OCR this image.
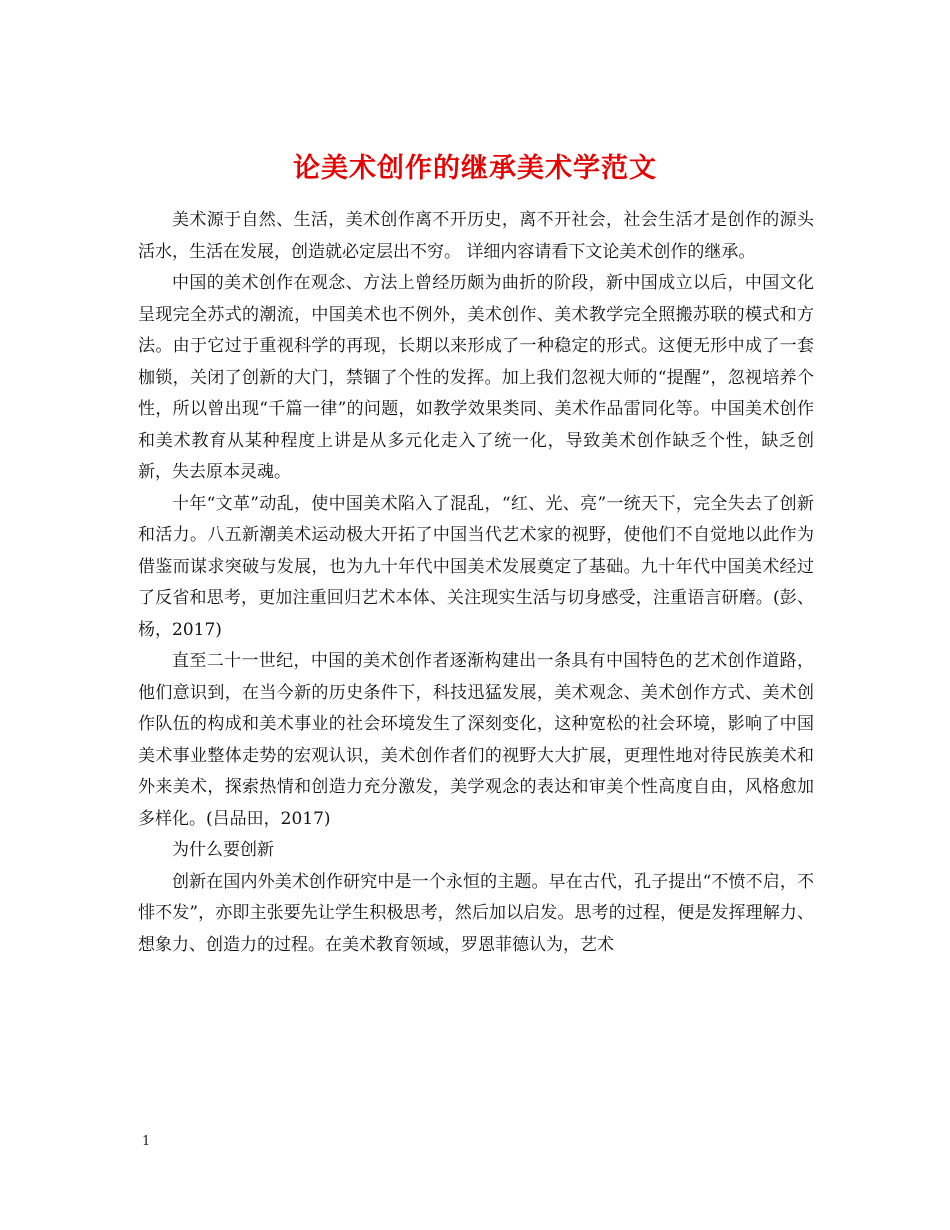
论美术创作的继承美术学范文

美术源于自然、生活，美术创作离不开历史，离不开社会，社会生活才是创作的源头活水，生活在发展，创造就必定层出不穷。 详细内容请看下文论美术创作的继承。

中国的美术创作在观念、方法上曾经历颇为曲折的阶段，新中国成立以后，中国文化呈现完全苏式的潮流，中国美术也不例外，美术创作、美术教学完全照搬苏联的模式和方法。由于它过于重视科学的再现，长期以来形成了一种稳定的形式。这便无形中成了一套枷锁，关闭了创新的大门，禁锢了个性的发挥。加上我们忽视大师的“提醒”，忽视培养个性，所以曾出现“千篇一律”的问题，如教学效果类同、美术作品雷同化等。中国美术创作和美术教育从某种程度上讲是从多元化走入了统一化，导致美术创作缺乏个性，缺乏创新，失去原本灵魂。

十年“文革”动乱，使中国美术陷入了混乱，“红、光、亮”一统天下，完全失去了创新和活力。八五新潮美术运动极大开拓了中国当代艺术家的视野，使他们不自觉地以此作为借鉴而谋求突破与发展，也为九十年代中国美术发展奠定了基础。九十年代中国美术经过了反省和思考，更加注重回归艺术本体、关注现实生活与切身感受，注重语言研磨。(彭、杨，2017)

直至二十一世纪，中国的美术创作者逐渐构建出一条具有中国特色的艺术创作道路，他们意识到，在当今新的历史条件下，科技迅猛发展，美术观念、美术创作方式、美术创作队伍的构成和美术事业的社会环境发生了深刻变化，这种宽松的社会环境，影响了中国美术事业整体走势的宏观认识，美术创作者们的视野大大扩展，更理性地对待民族美术和外来美术，探索热情和创造力充分激发，美学观念的表达和审美个性高度自由，风格愈加多样化。(吕品田，2017)

为什么要创新

创新在国内外美术创作研究中是一个永恒的主题。早在古代，孔子提出“不愤不启，不悱不发”，亦即主张要先让学生积极思考，然后加以启发。思考的过程，便是发挥理解力、想象力、创造力的过程。在美术教育领域，罗恩菲德认为，艺术

1
